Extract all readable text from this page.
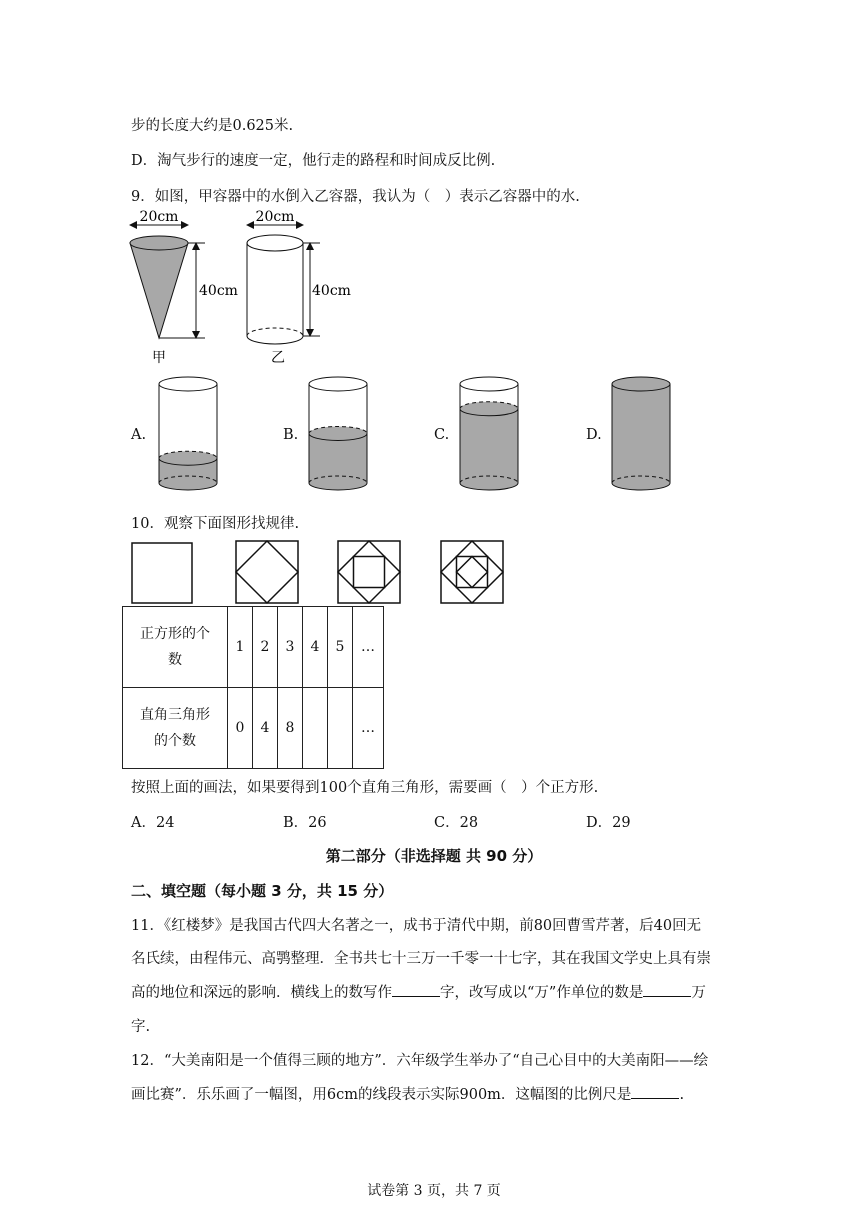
步的长度大约是0.625米.
D．淘气步行的速度一定，他行走的路程和时间成反比例.
9．如图，甲容器中的水倒入乙容器，我认为（　）表示乙容器中的水.
20cm
40cm
甲
20cm
40cm
乙
A.	B.	C.	D.
10．观察下面图形找规律.
正方形的个
数	1	2	3	4	5	…
直角三角形
的个数	0	4	8			…
按照上面的画法，如果要得到100个直角三角形，需要画（　）个正方形.
A．24	B．26	C．28	D．29
第二部分（非选择题 共 90 分）
二、填空题（每小题 3 分，共 15 分）
11．《红楼梦》是我国古代四大名著之一，成书于清代中期，前80回曹雪芹著，后40回无
名氏续，由程伟元、高鹗整理．全书共七十三万一千零一十七字，其在我国文学史上具有崇
高的地位和深远的影响．横线上的数写作	字，改写成以“万”作单位的数是	万
字.
12．“大美南阳是一个值得三顾的地方”．六年级学生举办了“自己心目中的大美南阳——绘
画比赛”．乐乐画了一幅图，用6cm的线段表示实际900m．这幅图的比例尺是	.
试卷第 3 页，共 7 页
